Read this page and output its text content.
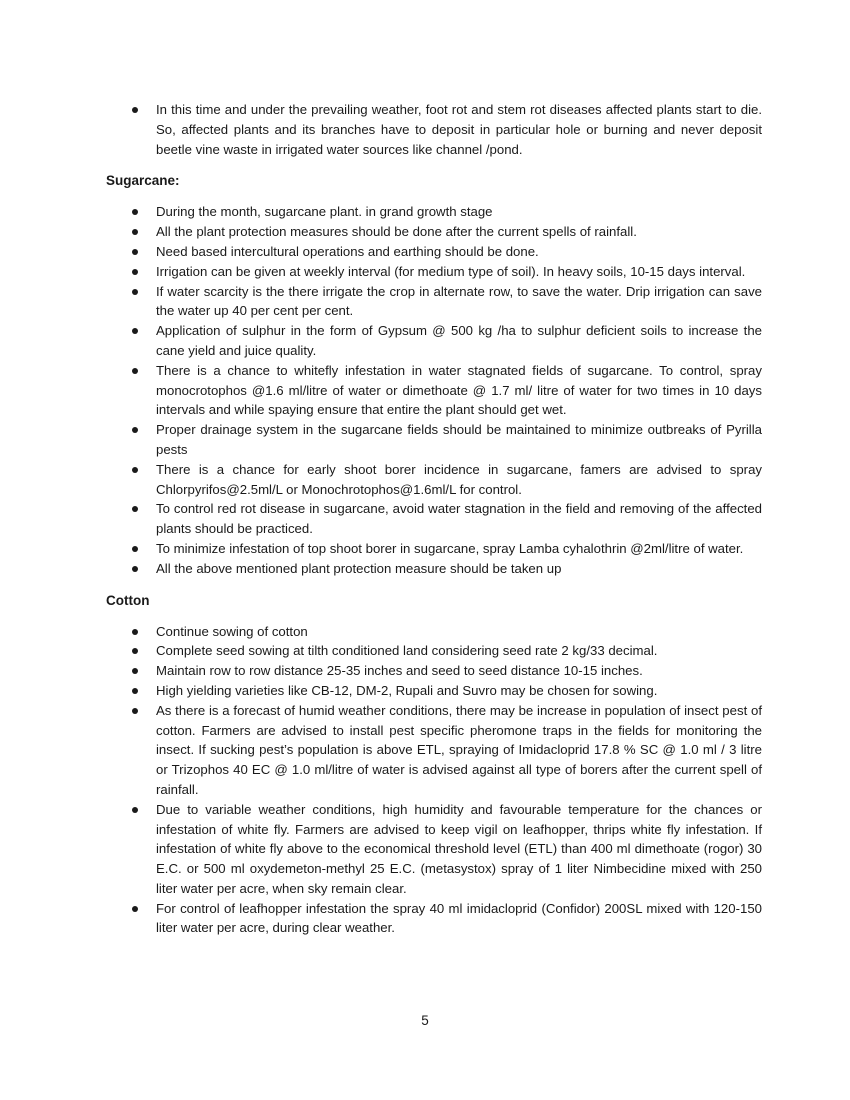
In this time and under the prevailing weather, foot rot and stem rot diseases affected plants start to die. So, affected plants and its branches have to deposit in particular hole or burning and never deposit beetle vine waste in irrigated water sources like channel /pond.
Sugarcane:
During the month, sugarcane plant. in grand growth stage
All the plant protection measures should be done after the current spells of rainfall.
Need based intercultural operations and earthing should be done.
Irrigation can be given at weekly interval (for medium type of soil). In heavy soils, 10-15 days interval.
If water scarcity is the there irrigate the crop in alternate row, to save the water. Drip irrigation can save the water up 40 per cent per cent.
Application of sulphur in the form of Gypsum @ 500 kg /ha to sulphur deficient soils to increase the cane yield and juice quality.
There is a chance to whitefly infestation in water stagnated fields of sugarcane. To control, spray monocrotophos @1.6 ml/litre of water or dimethoate @ 1.7 ml/ litre of water for two times in 10 days intervals and while spaying ensure that entire the plant should get wet.
Proper drainage system in the sugarcane fields should be maintained to minimize outbreaks of Pyrilla pests
There is a chance for early shoot borer incidence in sugarcane, famers are advised to spray Chlorpyrifos@2.5ml/L or Monochrotophos@1.6ml/L for control.
To control red rot disease in sugarcane, avoid water stagnation in the field and removing of the affected plants should be practiced.
To minimize infestation of top shoot borer in sugarcane, spray Lamba cyhalothrin @2ml/litre of water.
All the above mentioned plant protection measure should be taken up
Cotton
Continue sowing of cotton
Complete seed sowing at tilth conditioned land considering seed rate 2 kg/33 decimal.
Maintain row to row distance 25-35 inches and seed to seed distance 10-15 inches.
High yielding varieties like CB-12, DM-2, Rupali and Suvro may be chosen for sowing.
As there is a forecast of humid weather conditions, there may be increase in population of insect pest of cotton. Farmers are advised to install pest specific pheromone traps in the fields for monitoring the insect. If sucking pest’s population is above ETL, spraying of Imidacloprid 17.8 % SC @ 1.0 ml / 3 litre or Trizophos 40 EC @ 1.0 ml/litre of water is advised against all type of borers after the current spell of rainfall.
Due to variable weather conditions, high humidity and favourable temperature for the chances or infestation of white fly. Farmers are advised to keep vigil on leafhopper, thrips white fly infestation. If infestation of white fly above to the economical threshold level (ETL) than 400 ml dimethoate (rogor) 30 E.C. or 500 ml oxydemeton-methyl 25 E.C. (metasystox) spray of 1 liter Nimbecidine mixed with 250 liter water per acre, when sky remain clear.
For control of leafhopper infestation the spray 40 ml imidacloprid (Confidor) 200SL mixed with 120-150 liter water per acre, during clear weather.
5
